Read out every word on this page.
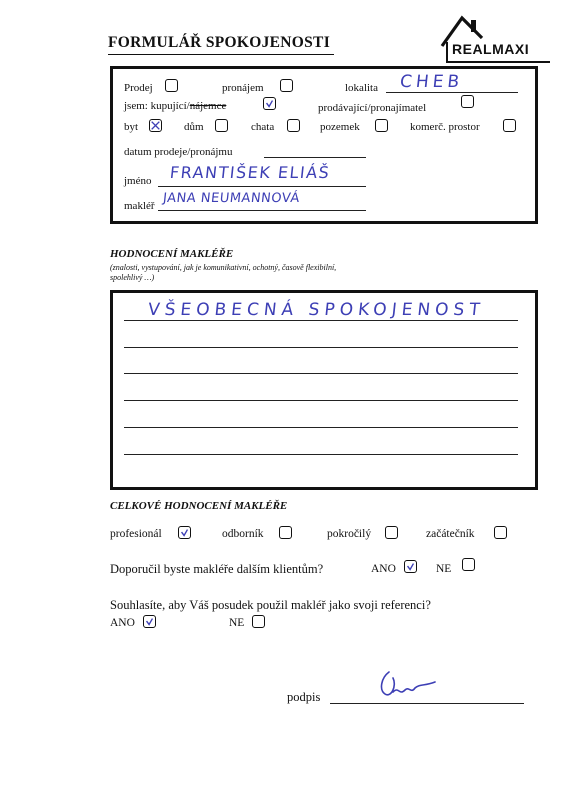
FORMULÁŘ SPOKOJENOSTI	REALMAXI
Prodej	pronájem	lokalita CHEB
jsem: kupující/nájemce	prodávající/pronajímatel
byt	dům	chata	pozemek	komerč. prostor
datum prodeje/pronájmu
jméno FRANTIŠEK ELIÁŠ
makléř JANA NEUMANNOVÁ
HODNOCENÍ MAKLÉŘE
(znalosti, vystupování, jak je komunikativní, ochotný, časově flexibilní,
spolehlivý …)
VŠEOBECNÁ SPOKOJENOST
CELKOVÉ HODNOCENÍ MAKLÉŘE
profesionál	odborník	pokročilý	začátečník
Doporučil byste makléře dalším klientům?	ANO	NE
Souhlasíte, aby Váš posudek použil makléř jako svoji referenci?
ANO	NE
podpis
